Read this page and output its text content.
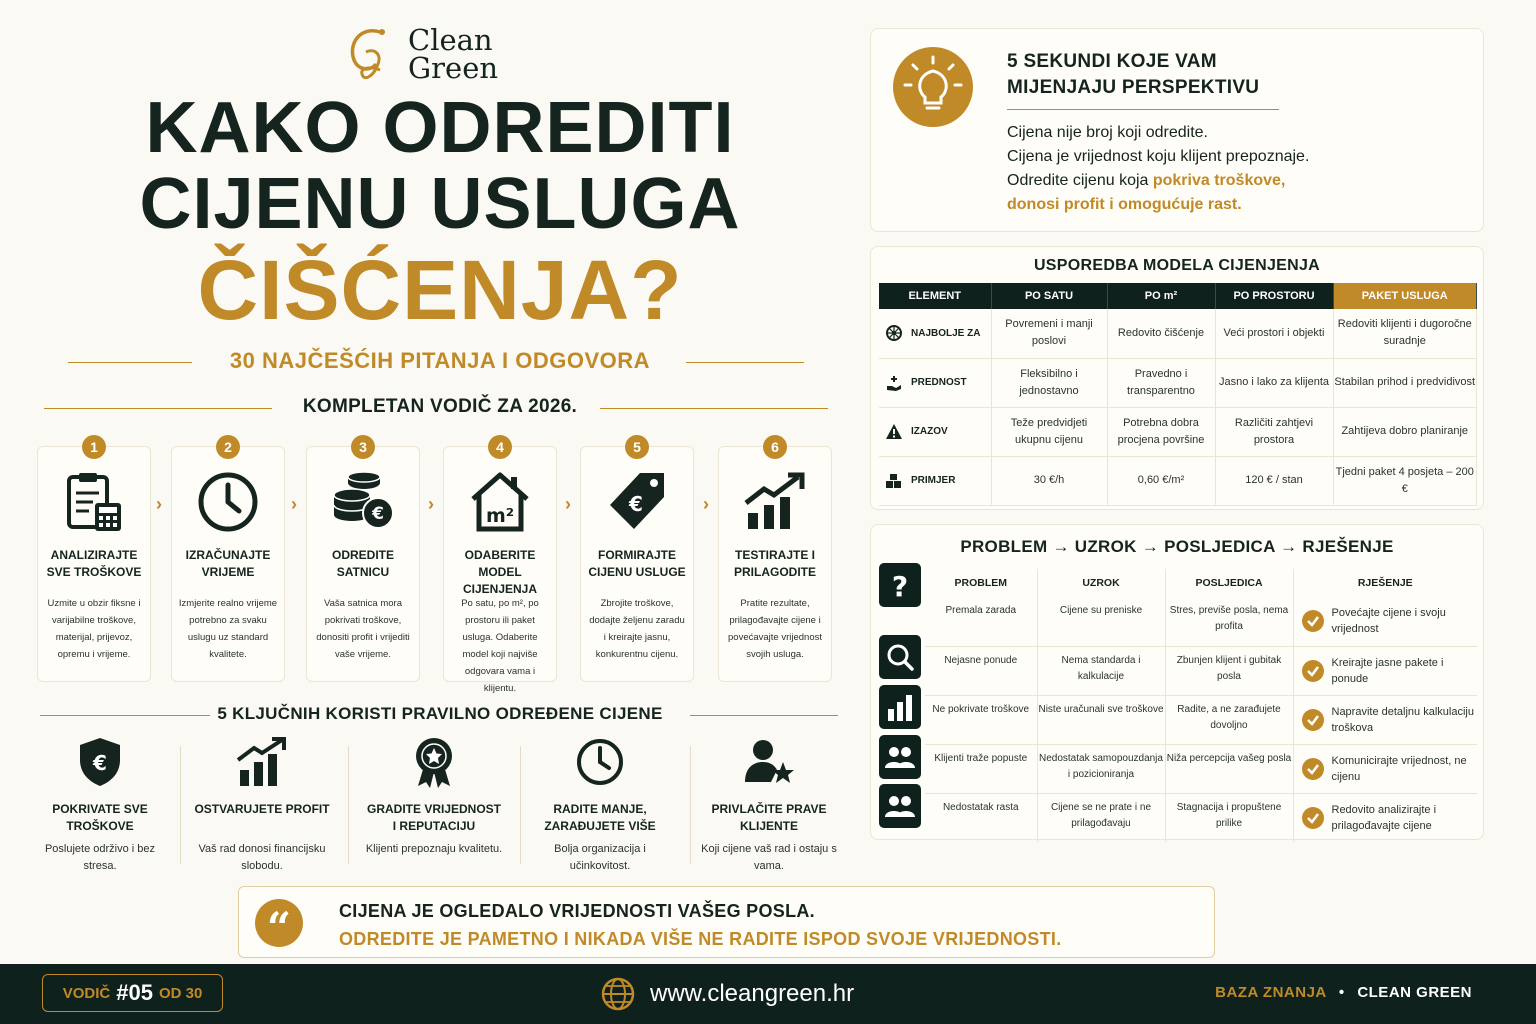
Clean
Green
KAKO ODREDITI
CIJENU USLUGA
ČIŠĆENJA?
30 NAJČEŠĆIH PITANJA I ODGOVORA
KOMPLETAN VODIČ ZA 2026.
1
ANALIZIRAJTE SVE TROŠKOVE
Uzmite u obzir fiksne i varijabilne troškove, materijal, prijevoz, opremu i vrijeme.
›
2
IZRAČUNAJTE VRIJEME
Izmjerite realno vrijeme potrebno za svaku uslugu uz standard kvalitete.
›
3
€
ODREDITE SATNICU
Vaša satnica mora pokrivati troškove, donositi profit i vrijediti vaše vrijeme.
›
4
m²
ODABERITE MODEL CIJENJENJA
Po satu, po m², po prostoru ili paket usluga. Odaberite model koji najviše odgovara vama i klijentu.
›
5
€
FORMIRAJTE CIJENU USLUGE
Zbrojite troškove, dodajte željenu zaradu i kreirajte jasnu, konkurentnu cijenu.
›
6
TESTIRAJTE I PRILAGODITE
Pratite rezultate, prilagođavajte cijene i povećavajte vrijednost svojih usluga.
5 KLJUČNIH KORISTI PRAVILNO ODREĐENE CIJENE
€
POKRIVATE SVE TROŠKOVE
Poslujete održivo i bez stresa.
OSTVARUJETE PROFIT
Vaš rad donosi financijsku slobodu.
GRADITE VRIJEDNOST I REPUTACIJU
Klijenti prepoznaju kvalitetu.
RADITE MANJE, ZARAĐUJETE VIŠE
Bolja organizacija i učinkovitost.
PRIVLAČITE PRAVE KLIJENTE
Koji cijene vaš rad i ostaju s vama.
“	CIJENA JE OGLEDALO VRIJEDNOSTI VAŠEG POSLA.
ODREDITE JE PAMETNO I NIKADA VIŠE NE RADITE ISPOD SVOJE VRIJEDNOSTI.
5 SEKUNDI KOJE VAM
MIJENJAJU PERSPEKTIVU
Cijena nije broj koji odredite.
Cijena je vrijednost koju klijent prepoznaje.
Odredite cijenu koja pokriva troškove,
donosi profit i omogućuje rast.
USPOREDBA MODELA CIJENJENJA
ELEMENT	PO SATU	PO m²	PO PROSTORU	PAKET USLUGA

NAJBOLJE ZA	Povremeni i manji poslovi	Redovito čišćenje	Veći prostori i objekti	Redoviti klijenti i dugoročne suradnje

PREDNOST	Fleksibilno i jednostavno	Pravedno i transparentno	Jasno i lako za klijenta	Stabilan prihod i predvidivost

IZAZOV	Teže predvidjeti ukupnu cijenu	Potrebna dobra procjena površine	Različiti zahtjevi prostora	Zahtijeva dobro planiranje

PRIMJER	30 €/h	0,60 €/m²	120 € / stan	Tjedni paket 4 posjeta – 200 €
PROBLEM → UZROK → POSLJEDICA → RJEŠENJE
?	PROBLEM	UZROK	POSLJEDICA	RJEŠENJE
Premala zarada	Cijene su preniske	Stres, previše posla, nema profita	Povećajte cijene i svoju vrijednost
Nejasne ponude	Nema standarda i kalkulacije	Zbunjen klijent i gubitak posla	Kreirajte jasne pakete i ponude
Ne pokrivate troškove	Niste uračunali sve troškove	Radite, a ne zarađujete dovoljno	Napravite detaljnu kalkulaciju troškova
Klijenti traže popuste	Nedostatak samopouzdanja i pozicioniranja	Niža percepcija vašeg posla	Komunicirajte vrijednost, ne cijenu
Nedostatak rasta	Cijene se ne prate i ne prilagođavaju	Stagnacija i propuštene prilike	Redovito analizirajte i prilagođavajte cijene
VODIČ #05 OD 30	www.cleangreen.hr	BAZA ZNANJA • CLEAN GREEN
